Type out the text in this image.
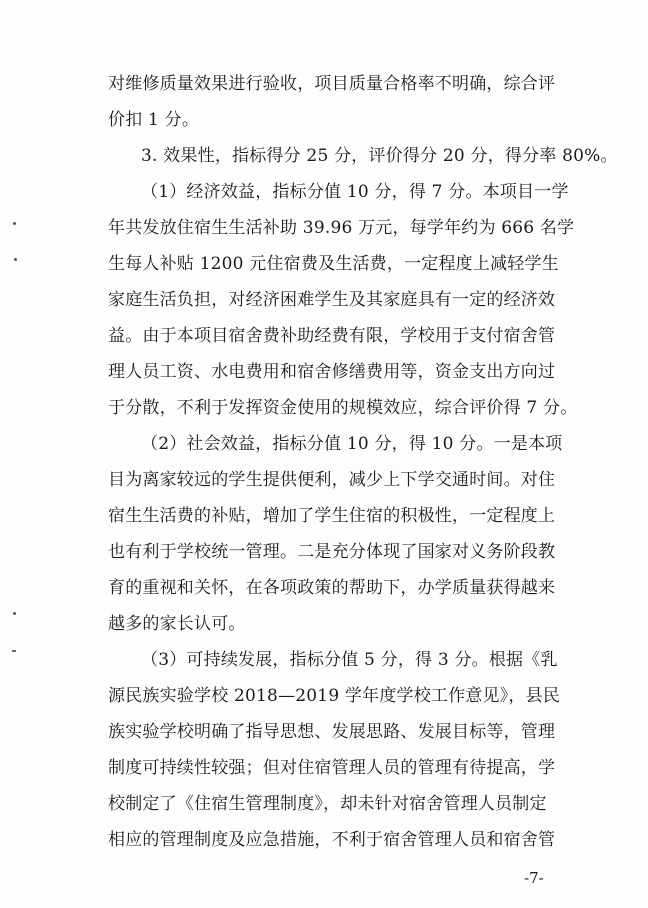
对维修质量效果进行验收，项目质量合格率不明确，综合评
价扣 1 分。
3. 效果性，指标得分 25 分，评价得分 20 分，得分率 80%。
（1）经济效益，指标分值 10 分，得 7 分。本项目一学
年共发放住宿生生活补助 39.96 万元，每学年约为 666 名学
生每人补贴 1200 元住宿费及生活费，一定程度上减轻学生
家庭生活负担，对经济困难学生及其家庭具有一定的经济效
益。由于本项目宿舍费补助经费有限，学校用于支付宿舍管
理人员工资、水电费用和宿舍修缮费用等，资金支出方向过
于分散，不利于发挥资金使用的规模效应，综合评价得 7 分。
（2）社会效益，指标分值 10 分，得 10 分。一是本项
目为离家较远的学生提供便利，减少上下学交通时间。对住
宿生生活费的补贴，增加了学生住宿的积极性，一定程度上
也有利于学校统一管理。二是充分体现了国家对义务阶段教
育的重视和关怀，在各项政策的帮助下，办学质量获得越来
越多的家长认可。
（3）可持续发展，指标分值 5 分，得 3 分。根据《乳
源民族实验学校 2018—2019 学年度学校工作意见》，县民
族实验学校明确了指导思想、发展思路、发展目标等，管理
制度可持续性较强；但对住宿管理人员的管理有待提高，学
校制定了《住宿生管理制度》，却未针对宿舍管理人员制定
相应的管理制度及应急措施，不利于宿舍管理人员和宿舍管
-7-
